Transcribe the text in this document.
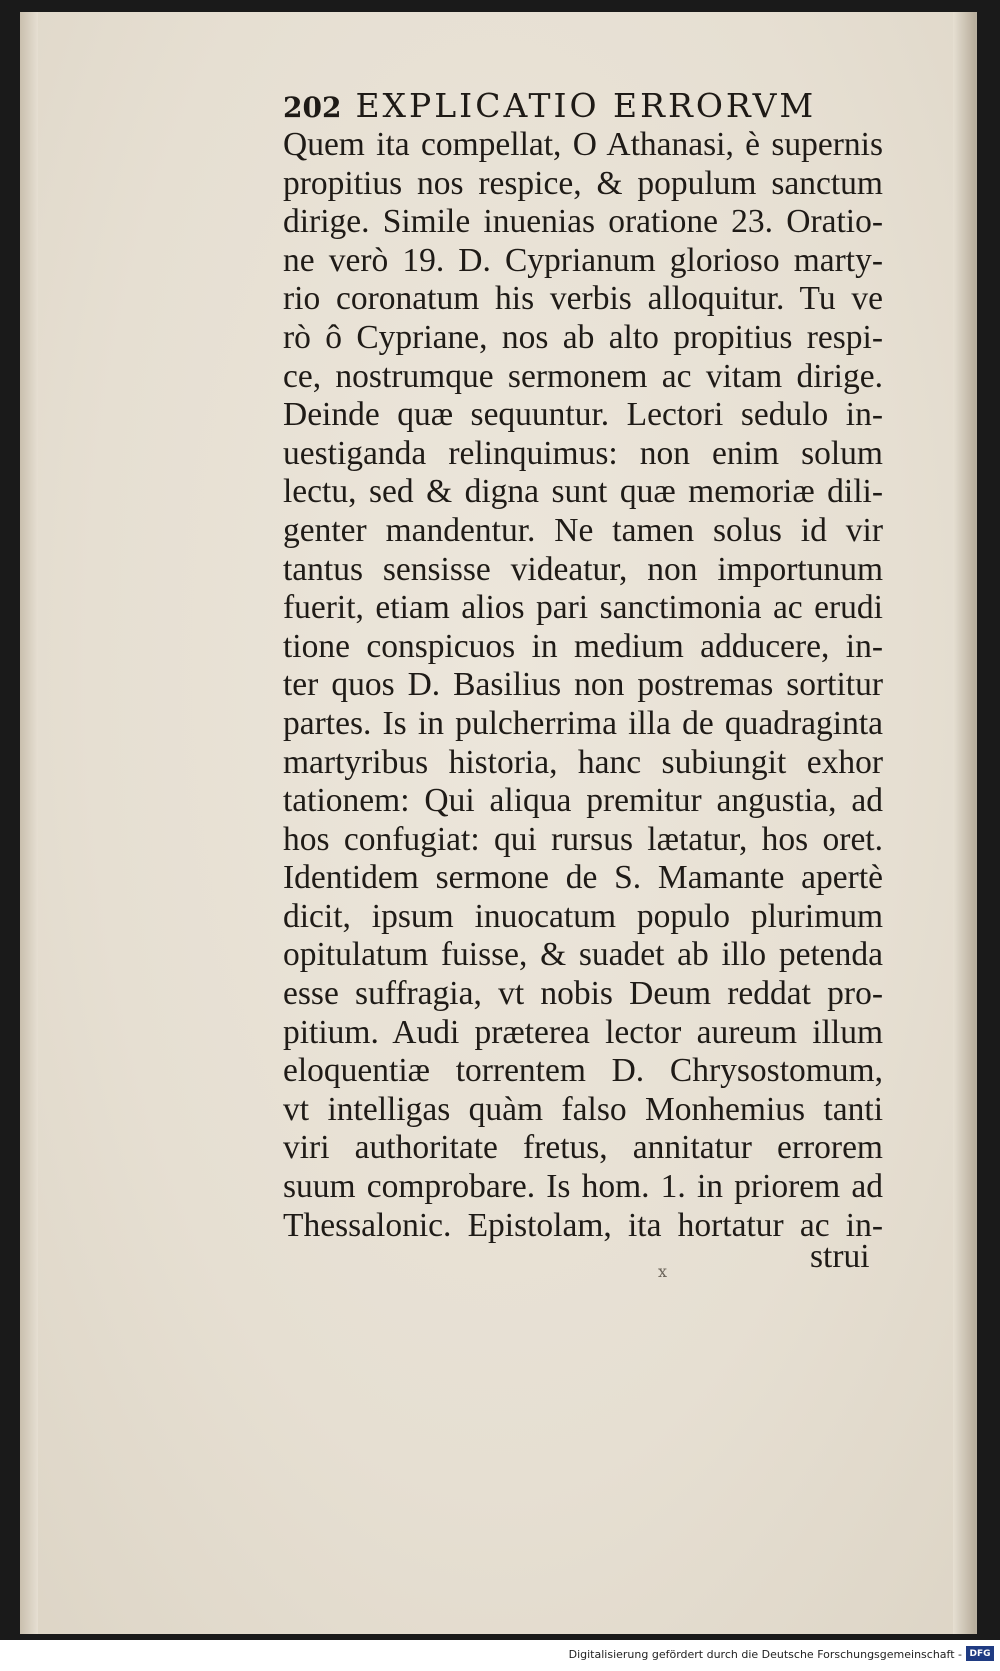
202 EXPLICATIO ERRORVM
Quem ita compellat, O Athanasi, è supernis
propitius nos respice, & populum sanctum
dirige. Simile inuenias oratione 23. Oratio-
ne verò 19. D. Cyprianum glorioso marty-
rio coronatum his verbis alloquitur. Tu ve
rò ô Cypriane, nos ab alto propitius respi-
ce, nostrumque sermonem ac vitam dirige.
Deinde quæ sequuntur. Lectori sedulo in-
uestiganda relinquimus: non enim solum
lectu, sed & digna sunt quæ memoriæ dili-
genter mandentur. Ne tamen solus id vir
tantus sensisse videatur, non importunum
fuerit, etiam alios pari sanctimonia ac erudi
tione conspicuos in medium adducere, in-
ter quos D. Basilius non postremas sortitur
partes. Is in pulcherrima illa de quadraginta
martyribus historia, hanc subiungit exhor
tationem: Qui aliqua premitur angustia, ad
hos confugiat: qui rursus lætatur, hos oret.
Identidem sermone de S. Mamante apertè
dicit, ipsum inuocatum populo plurimum
opitulatum fuisse, & suadet ab illo petenda
esse suffragia, vt nobis Deum reddat pro-
pitium. Audi præterea lector aureum illum
eloquentiæ torrentem D. Chrysostomum,
vt intelligas quàm falso Monhemius tanti
viri authoritate fretus, annitatur errorem
suum comprobare. Is hom. 1. in priorem ad
Thessalonic. Epistolam, ita hortatur ac in-
strui
x
Digitalisierung gefördert durch die Deutsche Forschungsgemeinschaft - DFG
